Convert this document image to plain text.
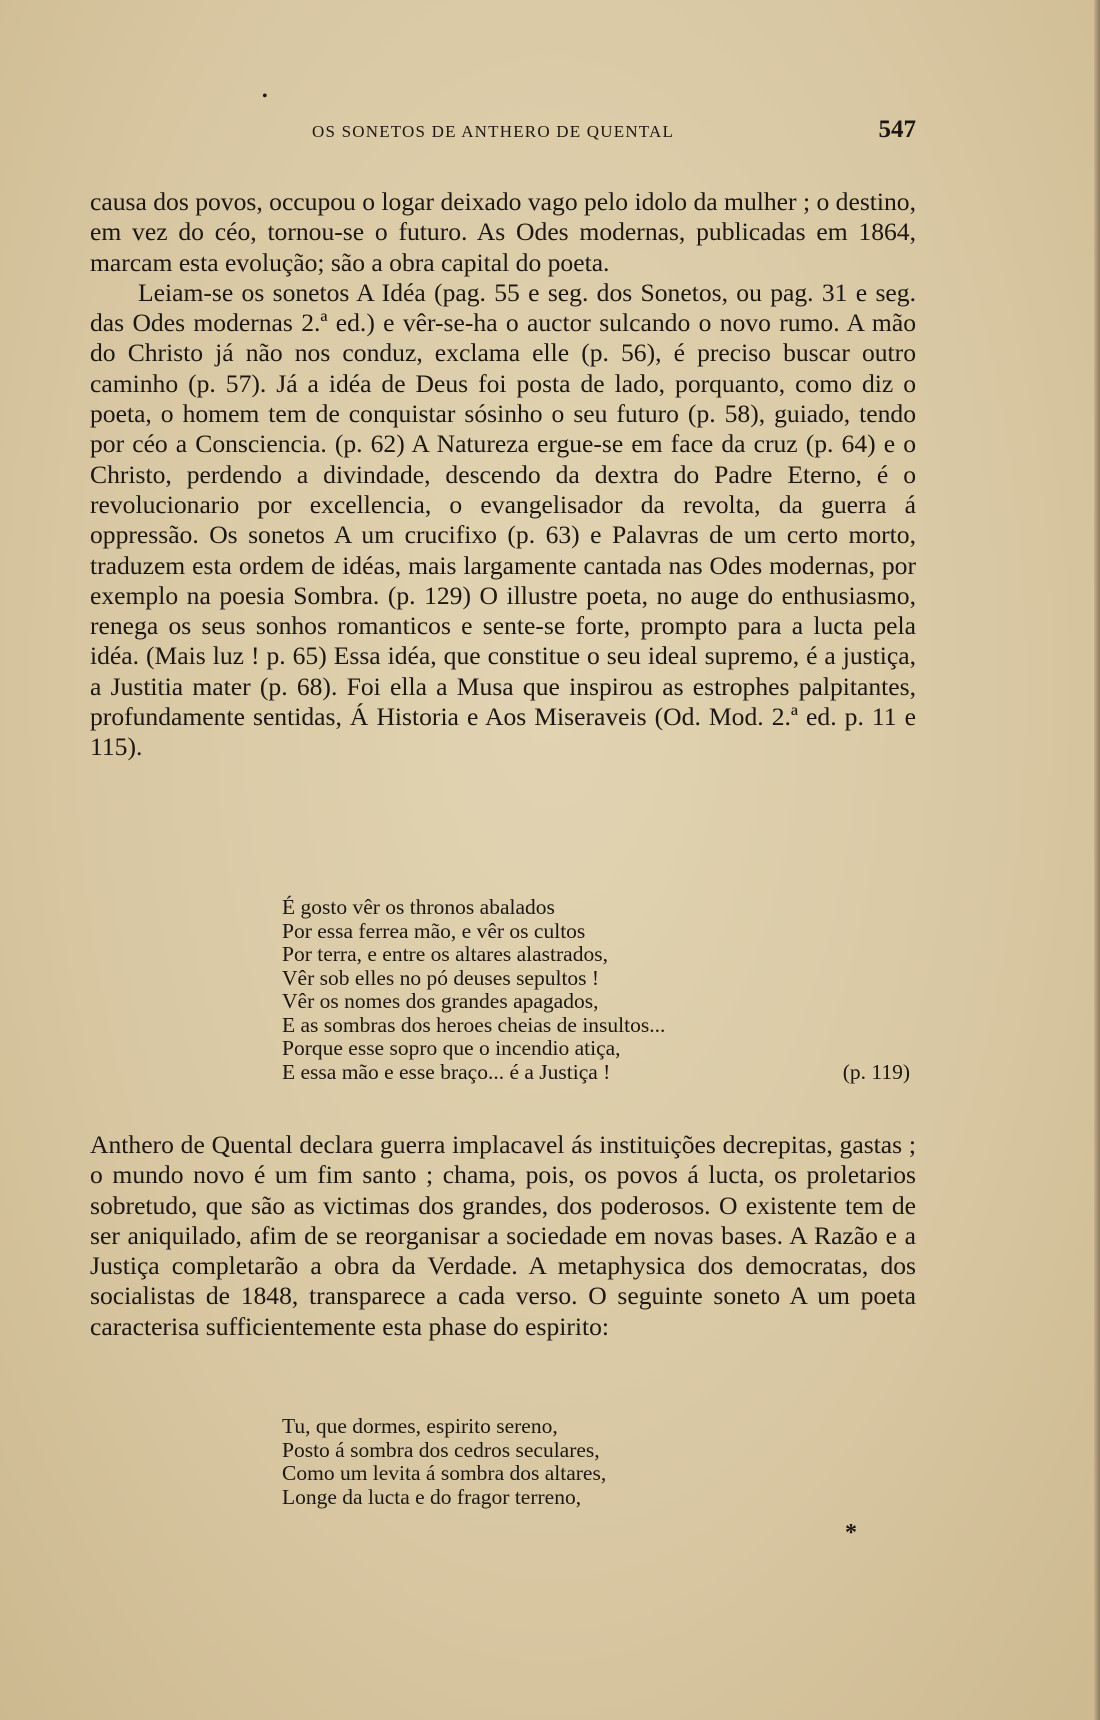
•
OS SONETOS DE ANTHERO DE QUENTAL	547

causa dos povos, occupou o logar deixado vago pelo idolo da mulher ; o destino, em vez do céo, tornou-se o futuro. As Odes modernas, publicadas em 1864, marcam esta evolução; são a obra capital do poeta.

Leiam-se os sonetos A Idéa (pag. 55 e seg. dos Sonetos, ou pag. 31 e seg. das Odes modernas 2.ª ed.) e vêr-se-ha o auctor sulcando o novo rumo. A mão do Christo já não nos conduz, exclama elle (p. 56), é preciso buscar outro caminho (p. 57). Já a idéa de Deus foi posta de lado, porquanto, como diz o poeta, o homem tem de conquistar sósinho o seu futuro (p. 58), guiado, tendo por céo a Consciencia. (p. 62) A Natureza ergue-se em face da cruz (p. 64) e o Christo, perdendo a divindade, descendo da dextra do Padre Eterno, é o revolucionario por excellencia, o evangelisador da revolta, da guerra á oppressão. Os sonetos A um crucifixo (p. 63) e Palavras de um certo morto, traduzem esta ordem de idéas, mais largamente cantada nas Odes modernas, por exemplo na poesia Sombra. (p. 129) O illustre poeta, no auge do enthusiasmo, renega os seus sonhos romanticos e sente-se forte, prompto para a lucta pela idéa. (Mais luz ! p. 65) Essa idéa, que constitue o seu ideal supremo, é a justiça, a Justitia mater (p. 68). Foi ella a Musa que inspirou as estrophes palpitantes, profundamente sentidas, Á Historia e Aos Miseraveis (Od. Mod. 2.ª ed. p. 11 e 115).

É gosto vêr os thronos abalados
Por essa ferrea mão, e vêr os cultos
Por terra, e entre os altares alastrados,
Vêr sob elles no pó deuses sepultos !
Vêr os nomes dos grandes apagados,
E as sombras dos heroes cheias de insultos...
Porque esse sopro que o incendio atiça,
E essa mão e esse braço... é a Justiça !	(p. 119)

Anthero de Quental declara guerra implacavel ás instituições decrepitas, gastas ; o mundo novo é um fim santo ; chama, pois, os povos á lucta, os proletarios sobretudo, que são as victimas dos grandes, dos poderosos. O existente tem de ser aniquilado, afim de se reorganisar a sociedade em novas bases. A Razão e a Justiça completarão a obra da Verdade. A metaphysica dos democratas, dos socialistas de 1848, transparece a cada verso. O seguinte soneto A um poeta caracterisa sufficientemente esta phase do espirito:

Tu, que dormes, espirito sereno,
Posto á sombra dos cedros seculares,
Como um levita á sombra dos altares,
Longe da lucta e do fragor terreno,
*
